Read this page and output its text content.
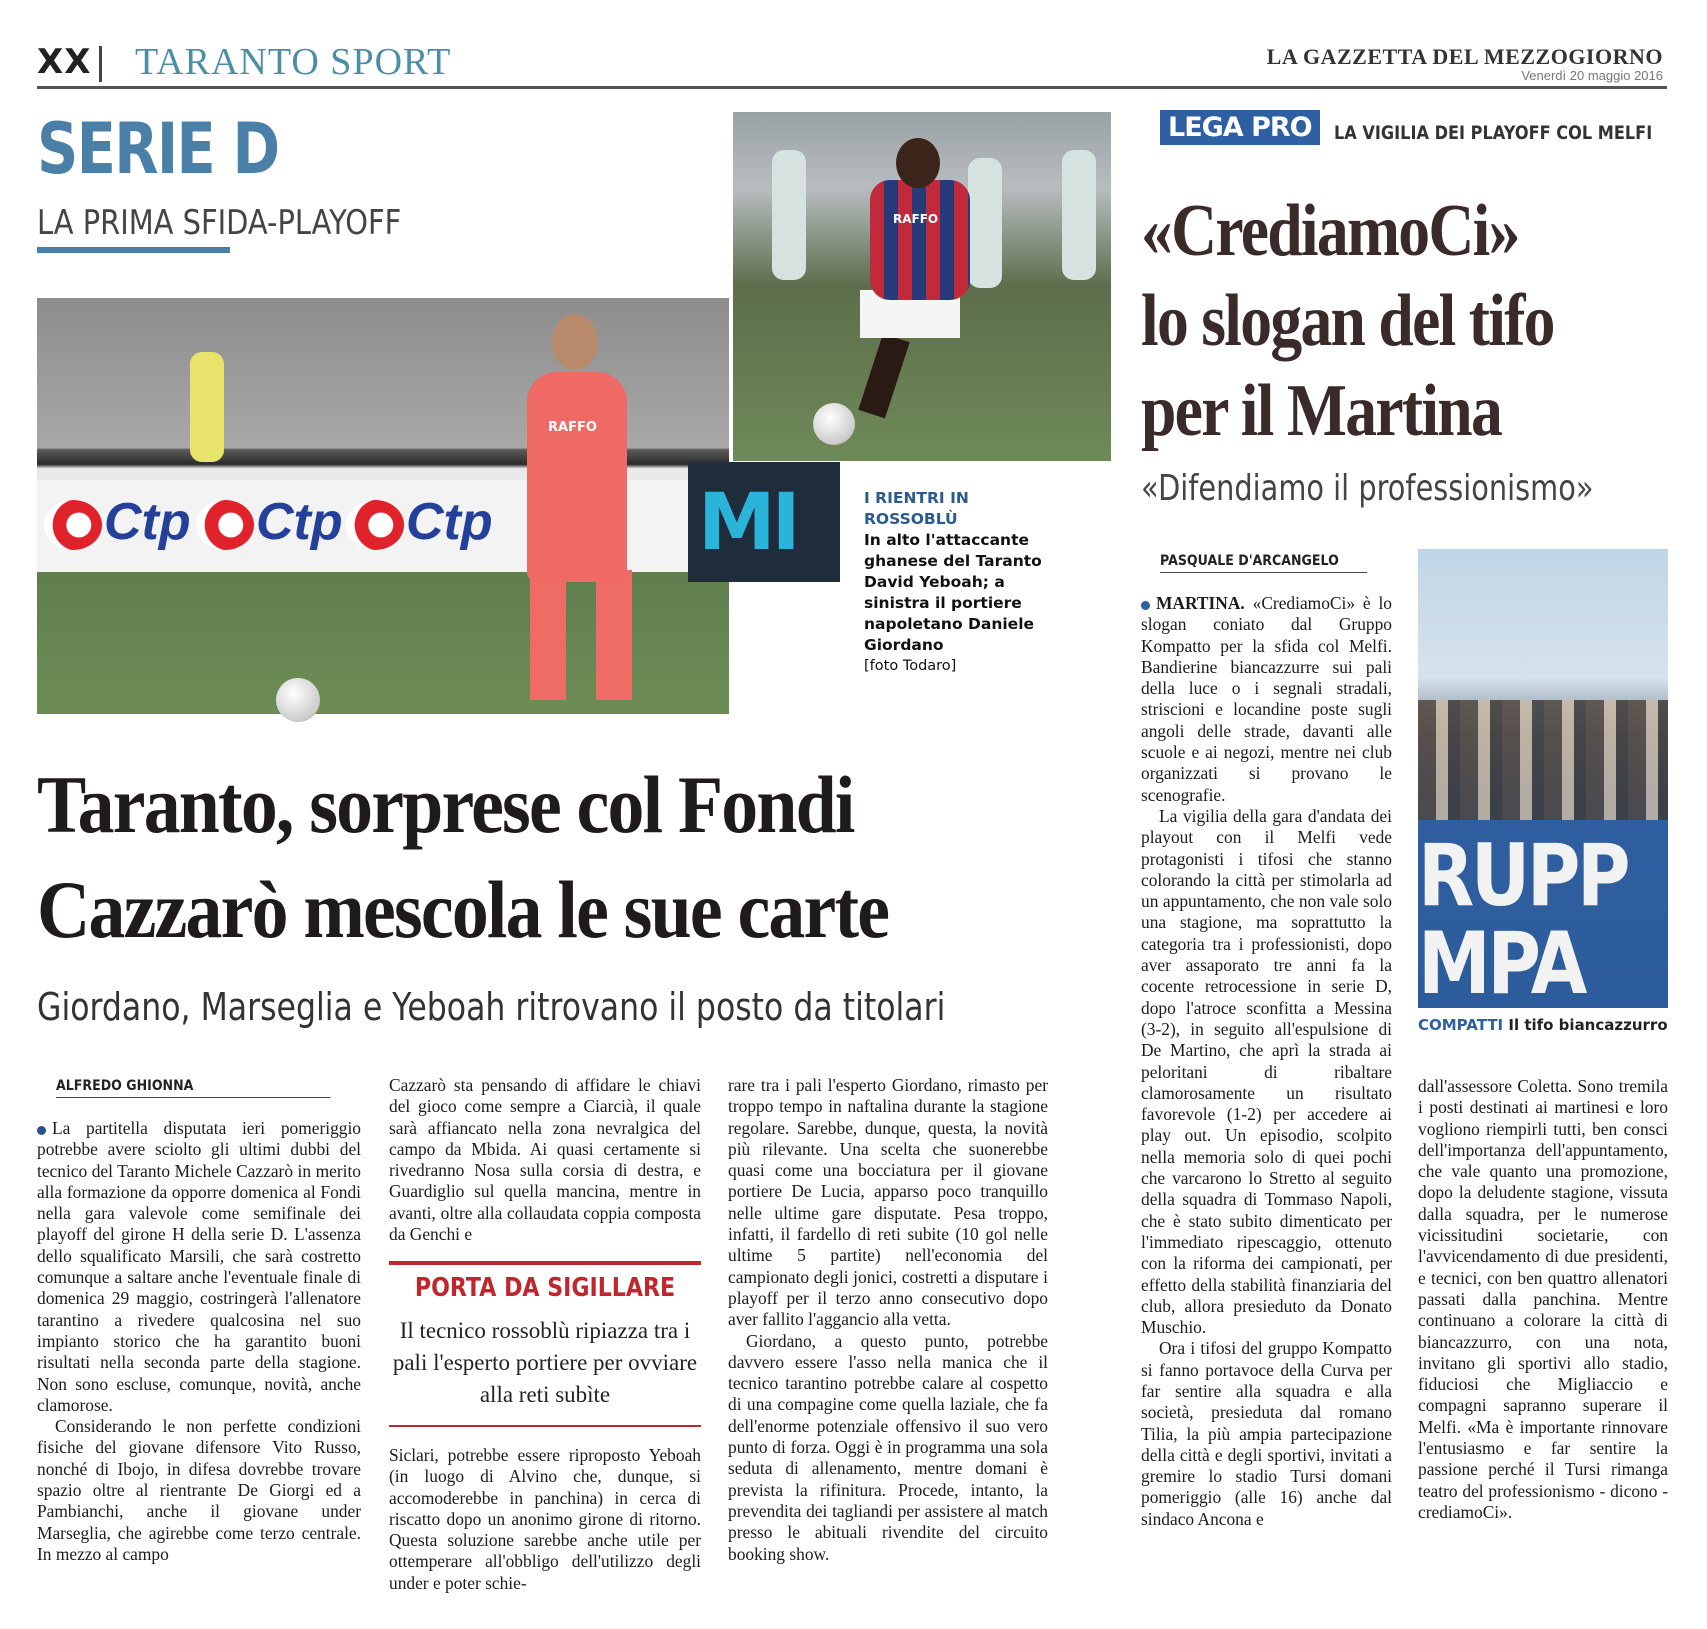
XX	TARANTO SPORT	LA GAZZETTA DEL MEZZOGIORNO
Venerdì 20 maggio 2016
SERIE D
LA PRIMA SFIDA-PLAYOFF
Ctp	Ctp	Ctp	MI
RAFFO
RAFFO
I RIENTRI IN ROSSOBLÙ
In alto l'attaccante ghanese del Taranto David Yeboah; a sinistra il portiere napoletano Daniele Giordano
[foto Todaro]
Taranto, sorprese col Fondi
Cazzarò mescola le sue carte
Giordano, Marseglia e Yeboah ritrovano il posto da titolari
ALFREDO GHIONNA

La partitella disputata ieri pomeriggio potrebbe avere sciolto gli ultimi dubbi del tecnico del Taranto Michele Cazzarò in merito alla formazione da opporre domenica al Fondi nella gara valevole come semifinale dei playoff del girone H della serie D. L'assenza dello squalificato Marsili, che sarà costretto comunque a saltare anche l'eventuale finale di domenica 29 maggio, costringerà l'allenatore tarantino a rivedere qualcosina nel suo impianto storico che ha garantito buoni risultati nella seconda parte della stagione. Non sono escluse, comunque, novità, anche clamorose.

Considerando le non perfette condizioni fisiche del giovane difensore Vito Russo, nonché di Ibojo, in difesa dovrebbe trovare spazio oltre al rientrante De Giorgi ed a Pambianchi, anche il giovane under Marseglia, che agirebbe come terzo centrale. In mezzo al campo

Cazzarò sta pensando di affidare le chiavi del gioco come sempre a Ciarcià, il quale sarà affiancato nella zona nevralgica del campo da Mbida. Ai quasi certamente si rivedranno Nosa sulla corsia di destra, e Guardiglio sul quella mancina, mentre in avanti, oltre alla collaudata coppia composta da Genchi e

PORTA DA SIGILLARE
Il tecnico rossoblù ripiazza tra i pali l'esperto portiere per ovviare alla reti subìte

Siclari, potrebbe essere riproposto Yeboah (in luogo di Alvino che, dunque, si accomoderebbe in panchina) in cerca di riscatto dopo un anonimo girone di ritorno. Questa soluzione sarebbe anche utile per ottemperare all'obbligo dell'utilizzo degli under e poter schie-

rare tra i pali l'esperto Giordano, rimasto per troppo tempo in naftalina durante la stagione regolare. Sarebbe, dunque, questa, la novità più rilevante. Una scelta che suonerebbe quasi come una bocciatura per il giovane portiere De Lucia, apparso poco tranquillo nelle ultime gare disputate. Pesa troppo, infatti, il fardello di reti subite (10 gol nelle ultime 5 partite) nell'economia del campionato degli jonici, costretti a disputare i playoff per il terzo anno consecutivo dopo aver fallito l'aggancio alla vetta.

Giordano, a questo punto, potrebbe davvero essere l'asso nella manica che il tecnico tarantino potrebbe calare al cospetto di una compagine come quella laziale, che fa dell'enorme potenziale offensivo il suo vero punto di forza. Oggi è in programma una sola seduta di allenamento, mentre domani è prevista la rifinitura. Procede, intanto, la prevendita dei tagliandi per assistere al match presso le abituali rivendite del circuito booking show.

LEGA PRO	LA VIGILIA DEI PLAYOFF COL MELFI
«CrediamoCi»
lo slogan del tifo
per il Martina
«Difendiamo il professionismo»
PASQUALE D'ARCANGELO

MARTINA. «CrediamoCi» è lo slogan coniato dal Gruppo Kompatto per la sfida col Melfi. Bandierine biancazzurre sui pali della luce o i segnali stradali, striscioni e locandine poste sugli angoli delle strade, davanti alle scuole e ai negozi, mentre nei club organizzati si provano le scenografie.

La vigilia della gara d'andata dei playout con il Melfi vede protagonisti i tifosi che stanno colorando la città per stimolarla ad un appuntamento, che non vale solo una stagione, ma soprattutto la categoria tra i professionisti, dopo aver assaporato tre anni fa la cocente retrocessione in serie D, dopo l'atroce sconfitta a Messina (3-2), in seguito all'espulsione di De Martino, che aprì la strada ai peloritani di ribaltare clamorosamente un risultato favorevole (1-2) per accedere ai play out. Un episodio, scolpito nella memoria solo di quei pochi che varcarono lo Stretto al seguito della squadra di Tommaso Napoli, che è stato subito dimenticato per l'immediato ripescaggio, ottenuto con la riforma dei campionati, per effetto della stabilità finanziaria del club, allora presieduto da Donato Muschio.

Ora i tifosi del gruppo Kompatto si fanno portavoce della Curva per far sentire alla squadra e alla società, presieduta dal romano Tilia, la più ampia partecipazione della città e degli sportivi, invitati a gremire lo stadio Tursi domani pomeriggio (alle 16) anche dal sindaco Ancona e

RUPP
MPA
COMPATTI Il tifo biancazzurro

dall'assessore Coletta. Sono tremila i posti destinati ai martinesi e loro vogliono riempirli tutti, ben consci dell'importanza dell'appuntamento, che vale quanto una promozione, dopo la deludente stagione, vissuta dalla squadra, per le numerose vicissitudini societarie, con l'avvicendamento di due presidenti, e tecnici, con ben quattro allenatori passati dalla panchina. Mentre continuano a colorare la città di biancazzurro, con una nota, invitano gli sportivi allo stadio, fiduciosi che Migliaccio e compagni sapranno superare il Melfi. «Ma è importante rinnovare l'entusiasmo e far sentire la passione perché il Tursi rimanga teatro del professionismo - dicono - crediamoCi».
